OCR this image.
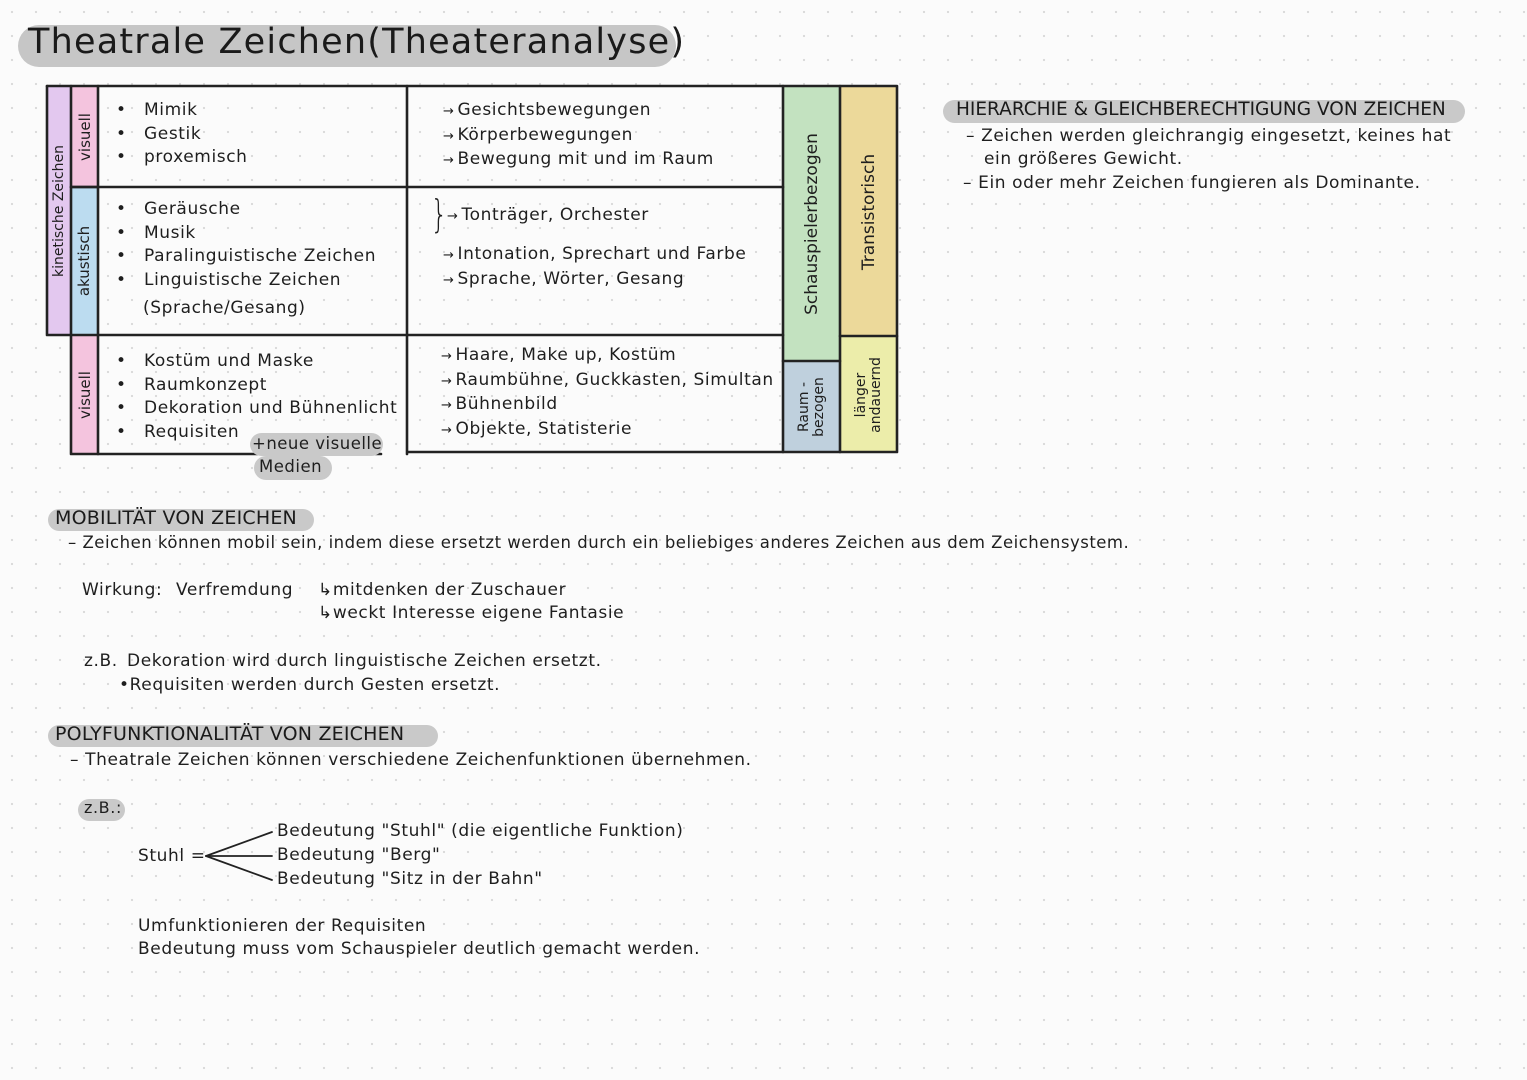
Theatrale Zeichen(Theateranalyse)
kinetische Zeichen
visuell
akustisch
visuell
Schauspielerbezogen
Raum - bezogen
Transistorisch
länger andauernd
• Mimik
• Gestik
• proxemisch
→ Gesichtsbewegungen
→ Körperbewegungen
→ Bewegung mit und im Raum
• Geräusche
• Musik
• Paralinguistische Zeichen
• Linguistische Zeichen
(Sprache/Gesang)
} → Tonträger, Orchester
→ Intonation, Sprechart und Farbe
→ Sprache, Wörter, Gesang
• Kostüm und Maske
• Raumkonzept
• Dekoration und Bühnenlicht
• Requisiten
+neue visuelle
Medien
→ Haare, Make up, Kostüm
→ Raumbühne, Guckkasten, Simultan
→ Bühnenbild
→ Objekte, Statisterie
HIERARCHIE & GLEICHBERECHTIGUNG VON ZEICHEN
– Zeichen werden gleichrangig eingesetzt, keines hat
ein größeres Gewicht.
– Ein oder mehr Zeichen fungieren als Dominante.
MOBILITÄT VON ZEICHEN
– Zeichen können mobil sein, indem diese ersetzt werden durch ein beliebiges anderes Zeichen aus dem Zeichensystem.
Wirkung: Verfremdung ↳mitdenken der Zuschauer
↳weckt Interesse eigene Fantasie
z.B. Dekoration wird durch linguistische Zeichen ersetzt.
•Requisiten werden durch Gesten ersetzt.
POLYFUNKTIONALITÄT VON ZEICHEN
– Theatrale Zeichen können verschiedene Zeichenfunktionen übernehmen.
z.B.:
Stuhl =
Bedeutung "Stuhl" (die eigentliche Funktion)
Bedeutung "Berg"
Bedeutung "Sitz in der Bahn"
Umfunktionieren der Requisiten
Bedeutung muss vom Schauspieler deutlich gemacht werden.
